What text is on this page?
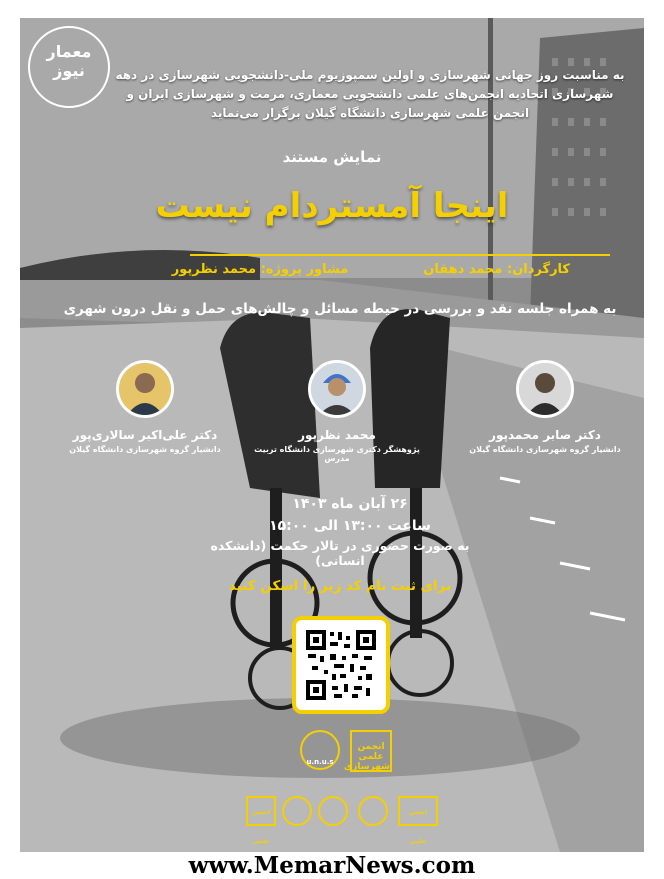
معمار
نیوز	به مناسبت روز جهانی شهرسازی و اولین سمپوزیوم ملی-دانشجویی شهرسازی در دهه
شهرسازی اتحادیه انجمن‌های علمی دانشجویی معماری، مرمت و شهرسازی ایران و
انجمن علمی شهرسازی دانشگاه گیلان برگزار می‌نماید
نمایش مستند
اینجا آمستردام نیست
کارگردان: محمد دهقان
مشاور پروژه: محمد نظرپور
به همراه جلسه نقد و بررسی در حیطه مسائل و چالش‌های حمل و نقل درون شهری
دکتر صابر محمدپور
دانشیار گروه شهرسازی دانشگاه گیلان
محمد نظرپور
پژوهشگر دکتری شهرسازی دانشگاه تربیت مدرس
دکتر علی‌اکبر سالاری‌پور
دانشیار گروه شهرسازی دانشگاه گیلان
۲۶ آبان ماه ۱۴۰۳
ساعت ۱۳:۰۰ الی ۱۵:۰۰
به صورت حضوری در تالار حکمت (دانشکده انسانی)
برای ثبت نام کد زیر را اسکن کنید
u.n.u.s
انجمن علمی شهرسازی
انجمن علمی
انجمن علمی
www.MemarNews.com
